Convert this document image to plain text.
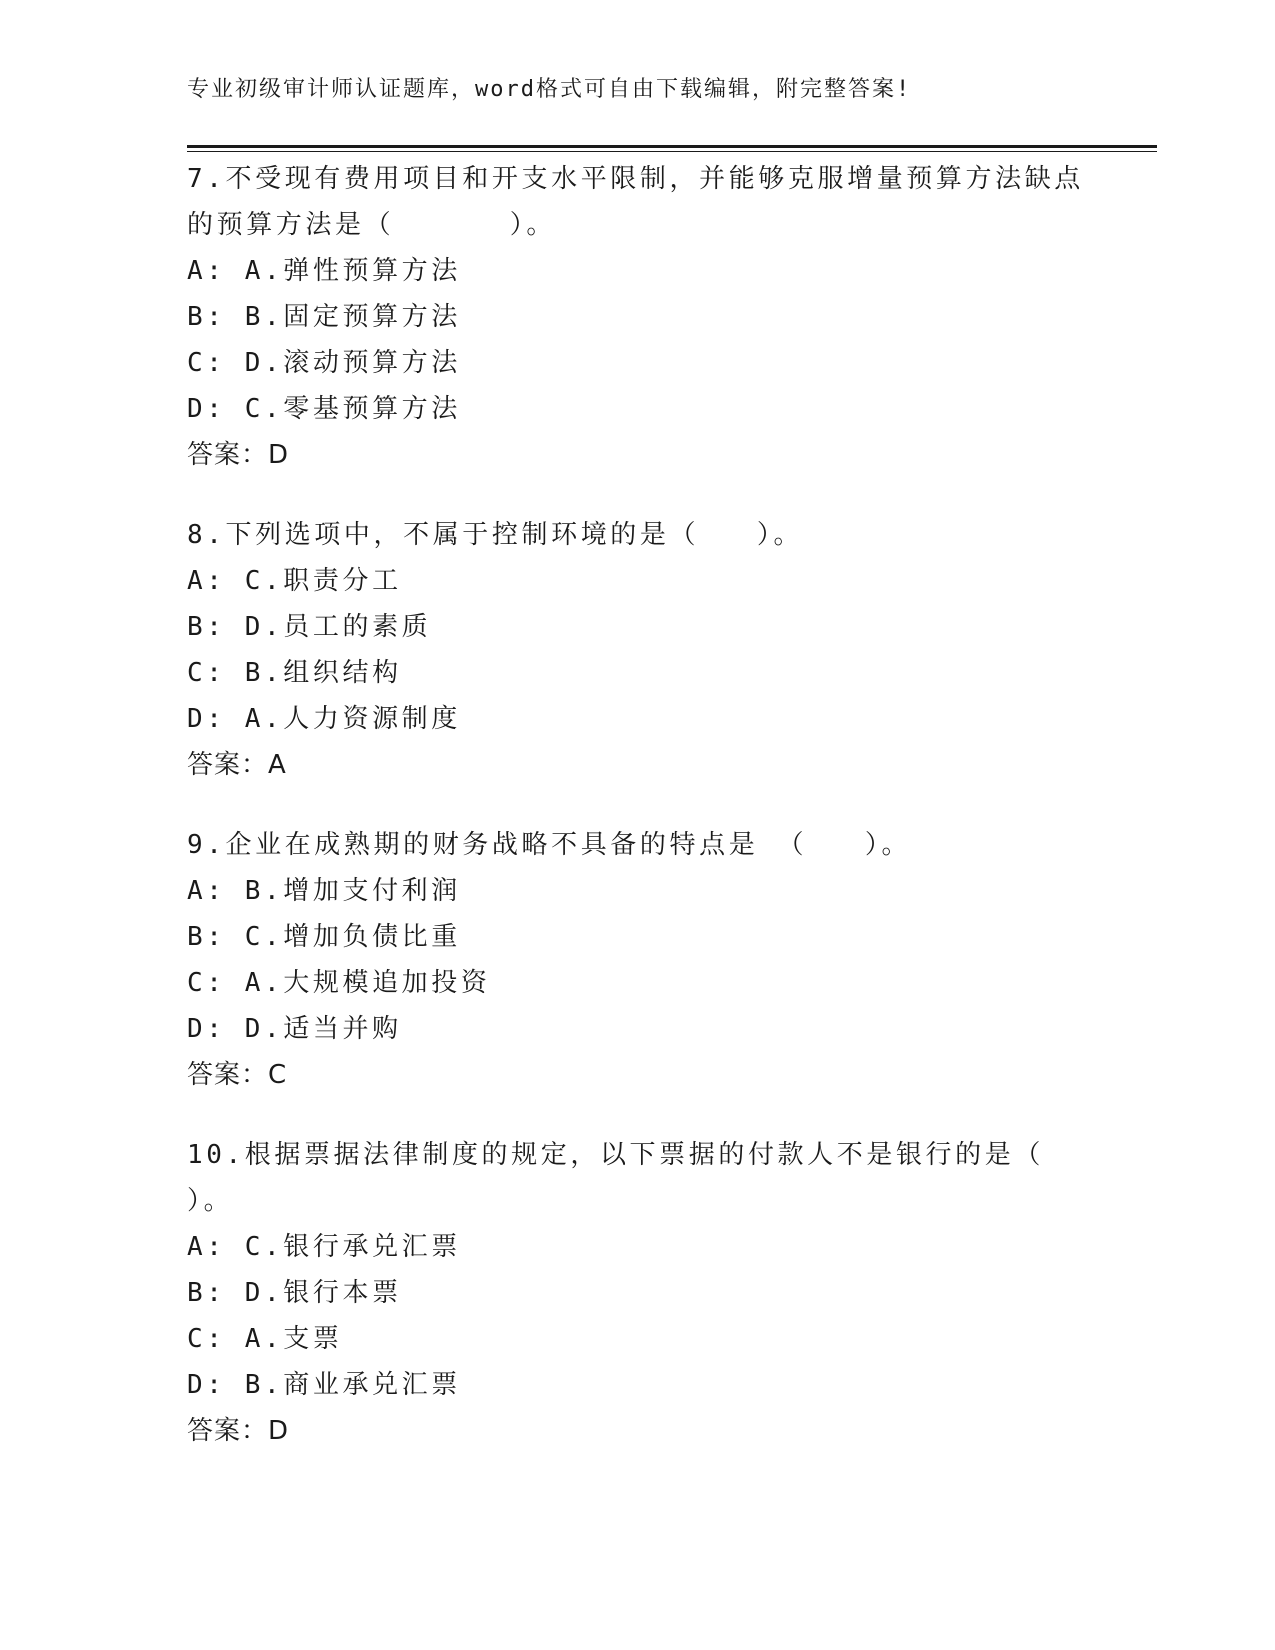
专业初级审计师认证题库，word格式可自由下载编辑，附完整答案!
7.不受现有费用项目和开支水平限制，并能够克服增量预算方法缺点
的预算方法是（      ）。
A: A.弹性预算方法
B: B.固定预算方法
C: D.滚动预算方法
D: C.零基预算方法
答案：D
8.下列选项中，不属于控制环境的是（   ）。
A: C.职责分工
B: D.员工的素质
C: B.组织结构
D: A.人力资源制度
答案：A
9.企业在成熟期的财务战略不具备的特点是 （   ）。
A: B.增加支付利润
B: C.增加负债比重
C: A.大规模追加投资
D: D.适当并购
答案：C
10.根据票据法律制度的规定，以下票据的付款人不是银行的是（
）。
A: C.银行承兑汇票
B: D.银行本票
C: A.支票
D: B.商业承兑汇票
答案：D
